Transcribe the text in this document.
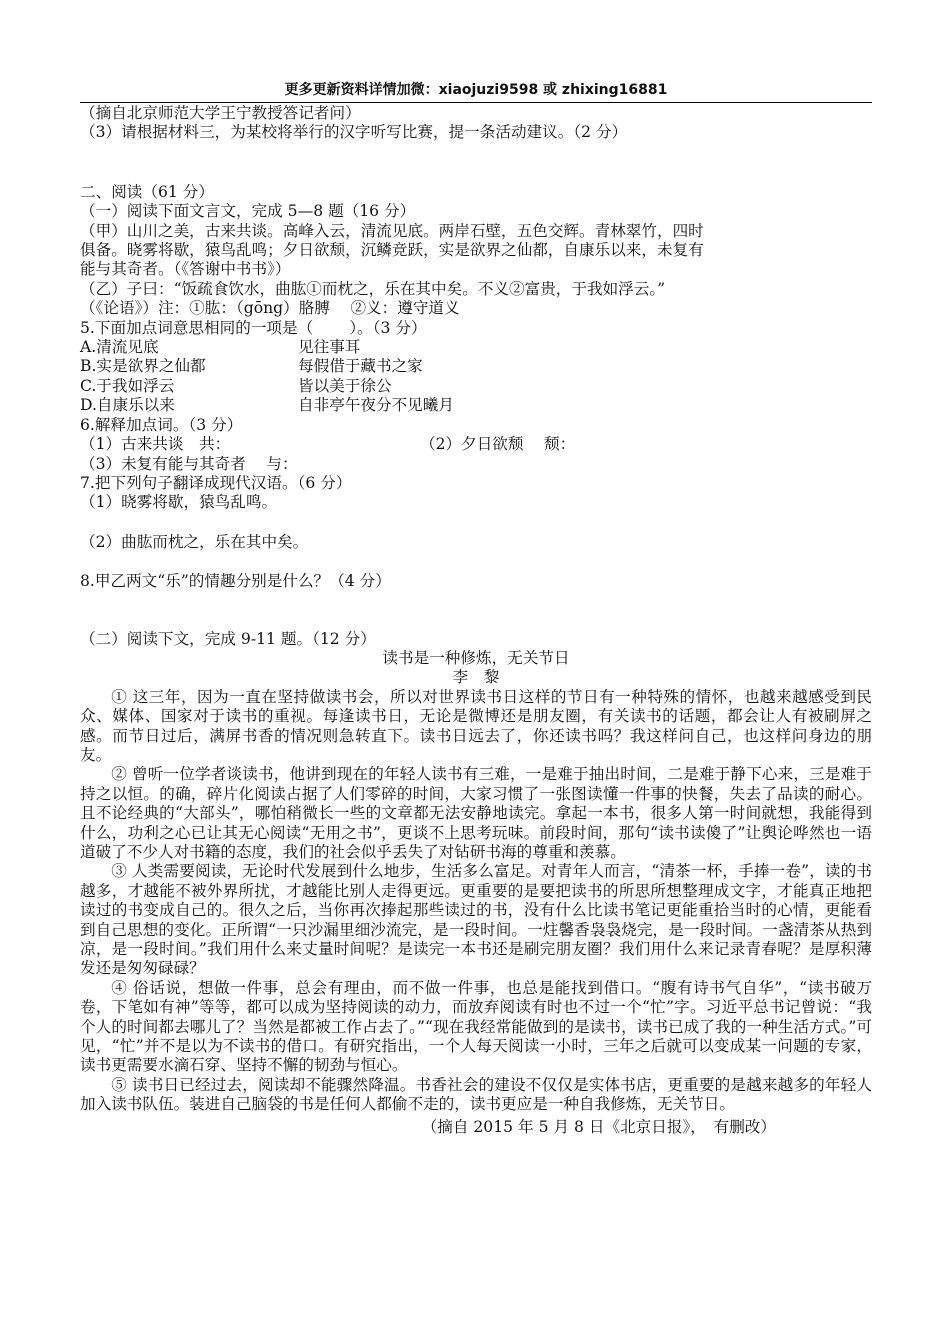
更多更新资料详情加微：xiaojuzi9598 或 zhixing16881
（摘自北京师范大学王宁教授答记者问）
（3）请根据材料三，为某校将举行的汉字听写比赛，提一条活动建议。（2 分）
二、阅读（61 分）
（一）阅读下面文言文，完成 5—8 题（16 分）
（甲）山川之美，古来共谈。高峰入云，清流见底。两岸石壁，五色交辉。青林翠竹，四时
俱备。晓雾将歇，猿鸟乱鸣；夕日欲颓，沉鳞竞跃，实是欲界之仙都，自康乐以来，未复有
能与其奇者。（《答谢中书书》）
（乙）子曰：“饭疏食饮水，曲肱①而枕之，乐在其中矣。不义②富贵，于我如浮云。”
（《论语》）注：①肱：（gōng）胳膊　 ②义：遵守道义
5.下面加点词意思相同的一项是（　　 ）。（3 分）
A.清流见底	见往事耳
B.实是欲界之仙都	每假借于藏书之家
C.于我如浮云	皆以美于徐公
D.自康乐以来	自非亭午夜分不见曦月
6.解释加点词。（3 分）
（1）古来共谈　共：	（2）夕日欲颓　 颓：
（3）未复有能与其奇者　 与：
7.把下列句子翻译成现代汉语。（6 分）
（1）晓雾将歇，猿鸟乱鸣。
（2）曲肱而枕之，乐在其中矣。
8.甲乙两文“乐”的情趣分别是什么？（4 分）
（二）阅读下文，完成 9-11 题。（12 分）
读书是一种修炼，无关节日
李　黎
① 这三年，因为一直在坚持做读书会，所以对世界读书日这样的节日有一种特殊的情怀，也越来越感受到民众、媒体、国家对于读书的重视。每逢读书日，无论是微博还是朋友圈，有关读书的话题，都会让人有被刷屏之感。而节日过后，满屏书香的情况则急转直下。读书日远去了，你还读书吗？我这样问自己，也这样问身边的朋友。
② 曾听一位学者谈读书，他讲到现在的年轻人读书有三难，一是难于抽出时间，二是难于静下心来，三是难于持之以恒。的确，碎片化阅读占据了人们零碎的时间，大家习惯了一张图读懂一件事的快餐，失去了品读的耐心。且不论经典的“大部头”，哪怕稍微长一些的文章都无法安静地读完。拿起一本书，很多人第一时间就想，我能得到什么，功利之心已让其无心阅读“无用之书”，更谈不上思考玩味。前段时间，那句“读书读傻了”让舆论哗然也一语道破了不少人对书籍的态度，我们的社会似乎丢失了对钻研书海的尊重和羡慕。
③ 人类需要阅读，无论时代发展到什么地步，生活多么富足。对青年人而言，“清茶一杯，手捧一卷”，读的书越多，才越能不被外界所扰，才越能比别人走得更远。更重要的是要把读书的所思所想整理成文字，才能真正地把读过的书变成自己的。很久之后，当你再次捧起那些读过的书，没有什么比读书笔记更能重拾当时的心情，更能看到自己思想的变化。正所谓“一只沙漏里细沙流完，是一段时间。一炷馨香袅袅烧完，是一段时间。一盏清茶从热到凉，是一段时间。”我们用什么来丈量时间呢？是读完一本书还是刷完朋友圈？我们用什么来记录青春呢？是厚积薄发还是匆匆碌碌？
④ 俗话说，想做一件事，总会有理由，而不做一件事，也总是能找到借口。“腹有诗书气自华”，“读书破万卷，下笔如有神”等等，都可以成为坚持阅读的动力，而放弃阅读有时也不过一个“忙”字。习近平总书记曾说：“我个人的时间都去哪儿了？当然是都被工作占去了。”“现在我经常能做到的是读书，读书已成了我的一种生活方式。”可见，“忙”并不是以为不读书的借口。有研究指出，一个人每天阅读一小时，三年之后就可以变成某一问题的专家，读书更需要水滴石穿、坚持不懈的韧劲与恒心。
⑤ 读书日已经过去，阅读却不能骤然降温。书香社会的建设不仅仅是实体书店，更重要的是越来越多的年轻人加入读书队伍。装进自己脑袋的书是任何人都偷不走的，读书更应是一种自我修炼，无关节日。
（摘自 2015 年 5 月 8 日《北京日报》，　有删改）
